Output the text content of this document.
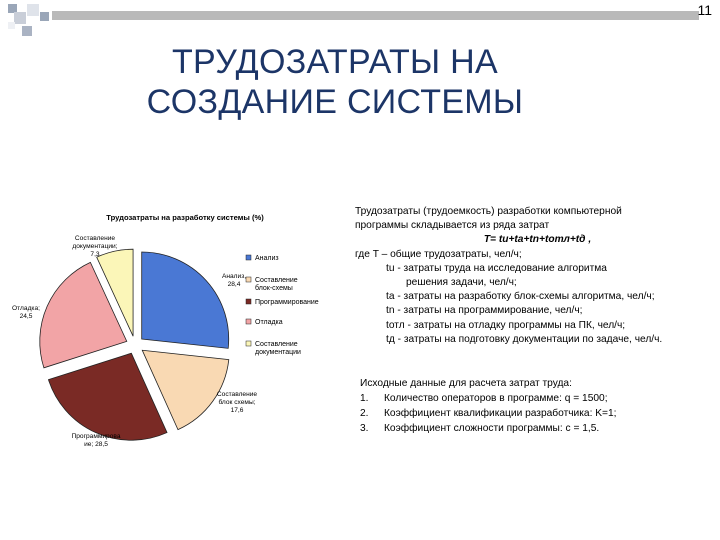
11
ТРУДОЗАТРАТЫ НА
СОЗДАНИЕ СИСТЕМЫ
Трудозатраты на разработку системы (%)
Анализ, 28,4
Составление блок схемы; 17,6
Программирова ие; 28,5
Отладка; 24,5
Составление документации; 7,3
Анализ
Составление блок-схемы
Программирование
Отладка
Составление документации

Трудозатраты (трудоемкость) разработки компьютерной

программы складывается из ряда затрат

T= tu+ta+tn+tотл+tд ,

где T – общие трудозатраты, чел/ч;

tu - затраты труда на исследование алгоритма

решения задачи, чел/ч;

ta - затраты на разработку блок-схемы алгоритма, чел/ч;

tn - затраты на программирование, чел/ч;

tотл - затраты на отладку программы на ПК, чел/ч;

tд - затраты на подготовку документации по задаче, чел/ч.

Исходные данные для расчета затрат труда:

1. Количество операторов в программе: q = 1500;

2. Коэффициент квалификации разработчика: K=1;

3. Коэффициент сложности программы: c = 1,5.
